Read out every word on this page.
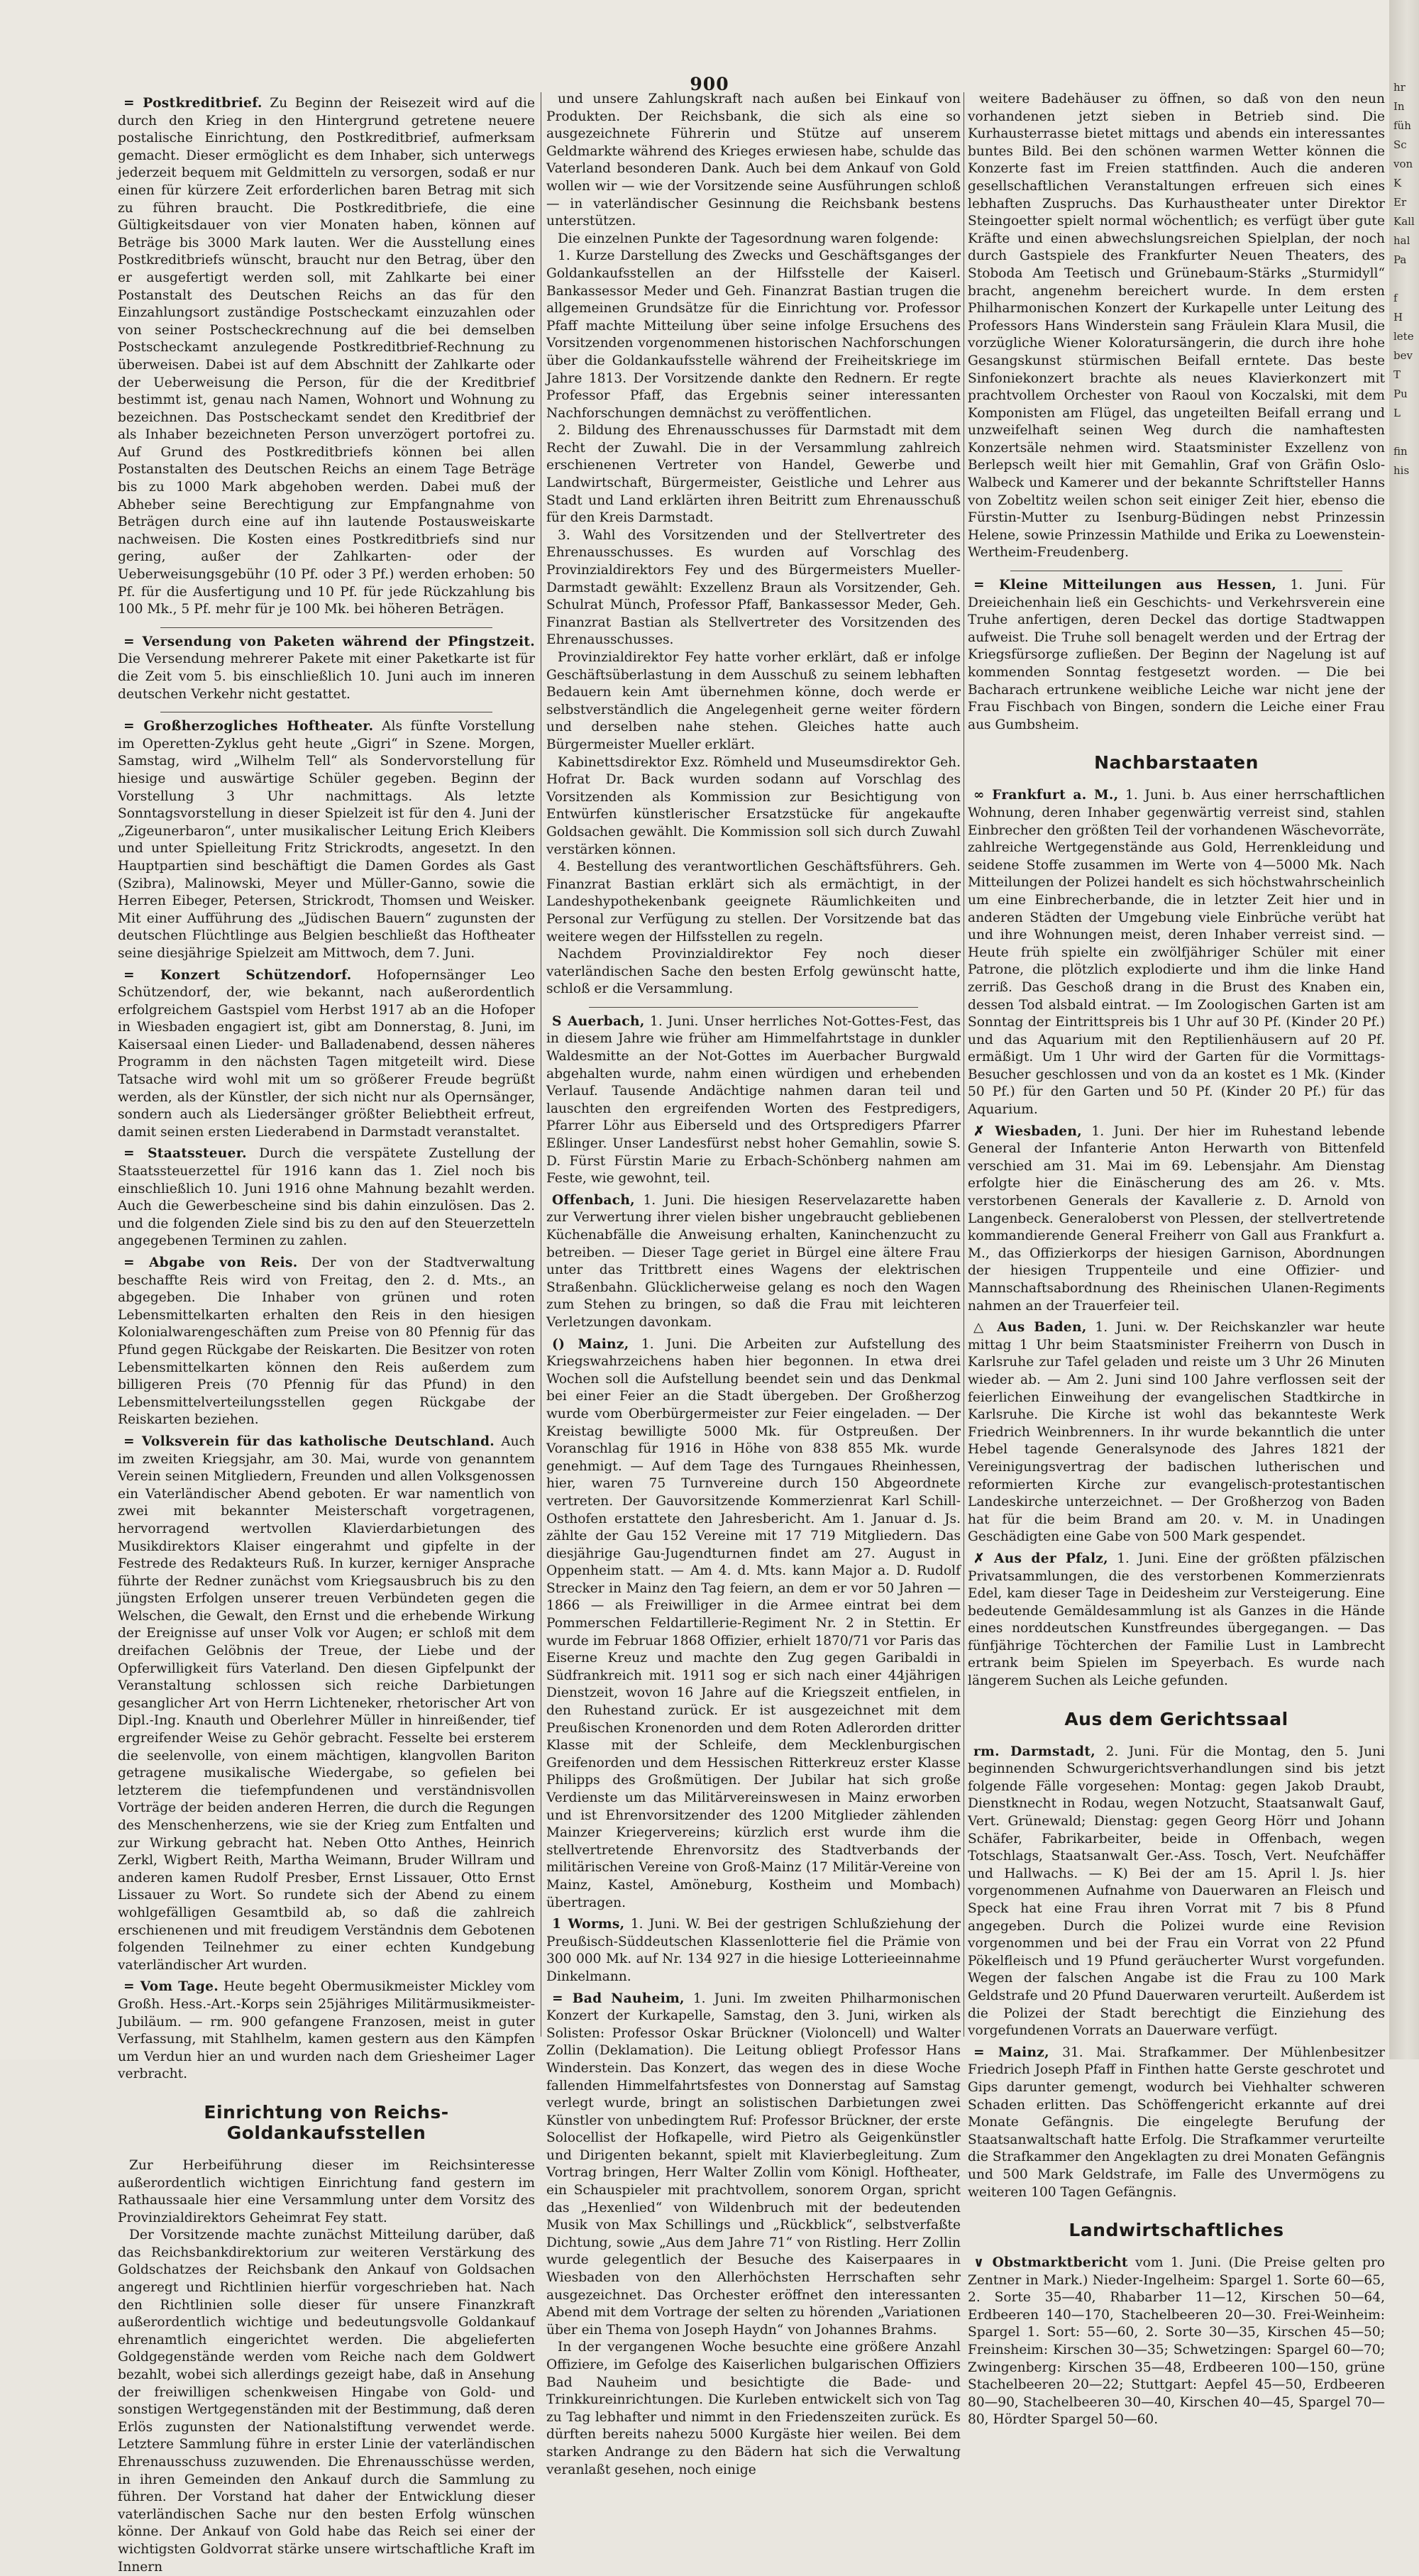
900

= Postkreditbrief. Zu Beginn der Reisezeit wird auf die durch den Krieg in den Hintergrund getretene neuere postalische Einrichtung, den Postkreditbrief, aufmerksam gemacht. Dieser ermöglicht es dem Inhaber, sich unterwegs jederzeit bequem mit Geldmitteln zu versorgen, sodaß er nur einen für kürzere Zeit erforderlichen baren Betrag mit sich zu führen braucht. Die Postkreditbriefe, die eine Gültigkeitsdauer von vier Monaten haben, können auf Beträge bis 3000 Mark lauten. Wer die Ausstellung eines Postkreditbriefs wünscht, braucht nur den Betrag, über den er ausgefertigt werden soll, mit Zahlkarte bei einer Postanstalt des Deutschen Reichs an das für den Einzahlungsort zuständige Postscheckamt einzuzahlen oder von seiner Postscheckrechnung auf die bei demselben Postscheckamt anzulegende Postkreditbrief-Rechnung zu überweisen. Dabei ist auf dem Abschnitt der Zahlkarte oder der Ueberweisung die Person, für die der Kreditbrief bestimmt ist, genau nach Namen, Wohnort und Wohnung zu bezeichnen. Das Postscheckamt sendet den Kreditbrief der als Inhaber bezeichneten Person unverzögert portofrei zu. Auf Grund des Postkreditbriefs können bei allen Postanstalten des Deutschen Reichs an einem Tage Beträge bis zu 1000 Mark abgehoben werden. Dabei muß der Abheber seine Berechtigung zur Empfangnahme von Beträgen durch eine auf ihn lautende Postausweiskarte nachweisen. Die Kosten eines Postkreditbriefs sind nur gering, außer der Zahlkarten- oder der Ueberweisungsgebühr (10 Pf. oder 3 Pf.) werden erhoben: 50 Pf. für die Ausfertigung und 10 Pf. für jede Rückzahlung bis 100 Mk., 5 Pf. mehr für je 100 Mk. bei höheren Beträgen.

= Versendung von Paketen während der Pfingstzeit. Die Versendung mehrerer Pakete mit einer Paketkarte ist für die Zeit vom 5. bis einschließlich 10. Juni auch im inneren deutschen Verkehr nicht gestattet.

= Großherzogliches Hoftheater. Als fünfte Vorstellung im Operetten-Zyklus geht heute „Gigri“ in Szene. Morgen, Samstag, wird „Wilhelm Tell“ als Sondervorstellung für hiesige und auswärtige Schüler gegeben. Beginn der Vorstellung 3 Uhr nachmittags. Als letzte Sonntagsvorstellung in dieser Spielzeit ist für den 4. Juni der „Zigeunerbaron“, unter musikalischer Leitung Erich Kleibers und unter Spielleitung Fritz Strickrodts, angesetzt. In den Hauptpartien sind beschäftigt die Damen Gordes als Gast (Szibra), Malinowski, Meyer und Müller-Ganno, sowie die Herren Eibeger, Petersen, Strickrodt, Thomsen und Weisker. Mit einer Aufführung des „Jüdischen Bauern“ zugunsten der deutschen Flüchtlinge aus Belgien beschließt das Hoftheater seine diesjährige Spielzeit am Mittwoch, dem 7. Juni.

= Konzert Schützendorf. Hofopernsänger Leo Schützendorf, der, wie bekannt, nach außerordentlich erfolgreichem Gastspiel vom Herbst 1917 ab an die Hofoper in Wiesbaden engagiert ist, gibt am Donnerstag, 8. Juni, im Kaisersaal einen Lieder- und Balladenabend, dessen näheres Programm in den nächsten Tagen mitgeteilt wird. Diese Tatsache wird wohl mit um so größerer Freude begrüßt werden, als der Künstler, der sich nicht nur als Opernsänger, sondern auch als Liedersänger größter Beliebtheit erfreut, damit seinen ersten Liederabend in Darmstadt veranstaltet.

= Staatssteuer. Durch die verspätete Zustellung der Staatssteuerzettel für 1916 kann das 1. Ziel noch bis einschließlich 10. Juni 1916 ohne Mahnung bezahlt werden. Auch die Gewerbescheine sind bis dahin einzulösen. Das 2. und die folgenden Ziele sind bis zu den auf den Steuerzetteln angegebenen Terminen zu zahlen.

= Abgabe von Reis. Der von der Stadtverwaltung beschaffte Reis wird von Freitag, den 2. d. Mts., an abgegeben. Die Inhaber von grünen und roten Lebensmittelkarten erhalten den Reis in den hiesigen Kolonialwarengeschäften zum Preise von 80 Pfennig für das Pfund gegen Rückgabe der Reiskarten. Die Besitzer von roten Lebensmittelkarten können den Reis außerdem zum billigeren Preis (70 Pfennig für das Pfund) in den Lebensmittelverteilungsstellen gegen Rückgabe der Reiskarten beziehen.

= Volksverein für das katholische Deutschland. Auch im zweiten Kriegsjahr, am 30. Mai, wurde von genanntem Verein seinen Mitgliedern, Freunden und allen Volksgenossen ein Vaterländischer Abend geboten. Er war namentlich von zwei mit bekannter Meisterschaft vorgetragenen, hervorragend wertvollen Klavierdarbietungen des Musikdirektors Klaiser eingerahmt und gipfelte in der Festrede des Redakteurs Ruß. In kurzer, kerniger Ansprache führte der Redner zunächst vom Kriegsausbruch bis zu den jüngsten Erfolgen unserer treuen Verbündeten gegen die Welschen, die Gewalt, den Ernst und die erhebende Wirkung der Ereignisse auf unser Volk vor Augen; er schloß mit dem dreifachen Gelöbnis der Treue, der Liebe und der Opferwilligkeit fürs Vaterland. Den diesen Gipfelpunkt der Veranstaltung schlossen sich reiche Darbietungen gesanglicher Art von Herrn Lichteneker, rhetorischer Art von Dipl.-Ing. Knauth und Oberlehrer Müller in hinreißender, tief ergreifender Weise zu Gehör gebracht. Fesselte bei ersterem die seelenvolle, von einem mächtigen, klangvollen Bariton getragene musikalische Wiedergabe, so gefielen bei letzterem die tiefempfundenen und verständnisvollen Vorträge der beiden anderen Herren, die durch die Regungen des Menschenherzens, wie sie der Krieg zum Entfalten und zur Wirkung gebracht hat. Neben Otto Anthes, Heinrich Zerkl, Wigbert Reith, Martha Weimann, Bruder Willram und anderen kamen Rudolf Presber, Ernst Lissauer, Otto Ernst Lissauer zu Wort. So rundete sich der Abend zu einem wohlgefälligen Gesamtbild ab, so daß die zahlreich erschienenen und mit freudigem Verständnis dem Gebotenen folgenden Teilnehmer zu einer echten Kundgebung vaterländischer Art wurden.

= Vom Tage. Heute begeht Obermusikmeister Mickley vom Großh. Hess.-Art.-Korps sein 25jähriges Militärmusikmeister-Jubiläum. — rm. 900 gefangene Franzosen, meist in guter Verfassung, mit Stahlhelm, kamen gestern aus den Kämpfen um Verdun hier an und wurden nach dem Griesheimer Lager verbracht.

Einrichtung von Reichs-Goldankaufsstellen

Zur Herbeiführung dieser im Reichsinteresse außerordentlich wichtigen Einrichtung fand gestern im Rathaussaale hier eine Versammlung unter dem Vorsitz des Provinzialdirektors Geheimrat Fey statt.

Der Vorsitzende machte zunächst Mitteilung darüber, daß das Reichsbankdirektorium zur weiteren Verstärkung des Goldschatzes der Reichsbank den Ankauf von Goldsachen angeregt und Richtlinien hierfür vorgeschrieben hat. Nach den Richtlinien solle dieser für unsere Finanzkraft außerordentlich wichtige und bedeutungsvolle Goldankauf ehrenamtlich eingerichtet werden. Die abgelieferten Goldgegenstände werden vom Reiche nach dem Goldwert bezahlt, wobei sich allerdings gezeigt habe, daß in Ansehung der freiwilligen schenkweisen Hingabe von Gold- und sonstigen Wertgegenständen mit der Bestimmung, daß deren Erlös zugunsten der Nationalstiftung verwendet werde. Letztere Sammlung führe in erster Linie der vaterländischen Ehrenausschuss zuzuwenden. Die Ehrenausschüsse werden, in ihren Gemeinden den Ankauf durch die Sammlung zu führen. Der Vorstand hat daher der Entwicklung dieser vaterländischen Sache nur den besten Erfolg wünschen könne. Der Ankauf von Gold habe das Reich sei einer der wichtigsten Goldvorrat stärke unsere wirtschaftliche Kraft im Innern

und unsere Zahlungskraft nach außen bei Einkauf von Produkten. Der Reichsbank, die sich als eine so ausgezeichnete Führerin und Stütze auf unserem Geldmarkte während des Krieges erwiesen habe, schulde das Vaterland besonderen Dank. Auch bei dem Ankauf von Gold wollen wir — wie der Vorsitzende seine Ausführungen schloß — in vaterländischer Gesinnung die Reichsbank bestens unterstützen.

Die einzelnen Punkte der Tagesordnung waren folgende:

1. Kurze Darstellung des Zwecks und Geschäftsganges der Goldankaufsstellen an der Hilfsstelle der Kaiserl. Bankassessor Meder und Geh. Finanzrat Bastian trugen die allgemeinen Grundsätze für die Einrichtung vor. Professor Pfaff machte Mitteilung über seine infolge Ersuchens des Vorsitzenden vorgenommenen historischen Nachforschungen über die Goldankaufsstelle während der Freiheitskriege im Jahre 1813. Der Vorsitzende dankte den Rednern. Er regte Professor Pfaff, das Ergebnis seiner interessanten Nachforschungen demnächst zu veröffentlichen.

2. Bildung des Ehrenausschusses für Darmstadt mit dem Recht der Zuwahl. Die in der Versammlung zahlreich erschienenen Vertreter von Handel, Gewerbe und Landwirtschaft, Bürgermeister, Geistliche und Lehrer aus Stadt und Land erklärten ihren Beitritt zum Ehrenausschuß für den Kreis Darmstadt.

3. Wahl des Vorsitzenden und der Stellvertreter des Ehrenausschusses. Es wurden auf Vorschlag des Provinzialdirektors Fey und des Bürgermeisters Mueller-Darmstadt gewählt: Exzellenz Braun als Vorsitzender, Geh. Schulrat Münch, Professor Pfaff, Bankassessor Meder, Geh. Finanzrat Bastian als Stellvertreter des Vorsitzenden des Ehrenausschusses.

Provinzialdirektor Fey hatte vorher erklärt, daß er infolge Geschäftsüberlastung in dem Ausschuß zu seinem lebhaften Bedauern kein Amt übernehmen könne, doch werde er selbstverständlich die Angelegenheit gerne weiter fördern und derselben nahe stehen. Gleiches hatte auch Bürgermeister Mueller erklärt.

Kabinettsdirektor Exz. Römheld und Museumsdirektor Geh. Hofrat Dr. Back wurden sodann auf Vorschlag des Vorsitzenden als Kommission zur Besichtigung von Entwürfen künstlerischer Ersatzstücke für angekaufte Goldsachen gewählt. Die Kommission soll sich durch Zuwahl verstärken können.

4. Bestellung des verantwortlichen Geschäftsführers. Geh. Finanzrat Bastian erklärt sich als ermächtigt, in der Landeshypothekenbank geeignete Räumlichkeiten und Personal zur Verfügung zu stellen. Der Vorsitzende bat das weitere wegen der Hilfsstellen zu regeln.

Nachdem Provinzialdirektor Fey noch dieser vaterländischen Sache den besten Erfolg gewünscht hatte, schloß er die Versammlung.

S Auerbach, 1. Juni. Unser herrliches Not-Gottes-Fest, das in diesem Jahre wie früher am Himmelfahrtstage in dunkler Waldesmitte an der Not-Gottes im Auerbacher Burgwald abgehalten wurde, nahm einen würdigen und erhebenden Verlauf. Tausende Andächtige nahmen daran teil und lauschten den ergreifenden Worten des Festpredigers, Pfarrer Löhr aus Eiberseld und des Ortspredigers Pfarrer Eßlinger. Unser Landesfürst nebst hoher Gemahlin, sowie S. D. Fürst Fürstin Marie zu Erbach-Schönberg nahmen am Feste, wie gewohnt, teil.

Offenbach, 1. Juni. Die hiesigen Reservelazarette haben zur Verwertung ihrer vielen bisher ungebraucht gebliebenen Küchenabfälle die Anweisung erhalten, Kaninchenzucht zu betreiben. — Dieser Tage geriet in Bürgel eine ältere Frau unter das Trittbrett eines Wagens der elektrischen Straßenbahn. Glücklicherweise gelang es noch den Wagen zum Stehen zu bringen, so daß die Frau mit leichteren Verletzungen davonkam.

() Mainz, 1. Juni. Die Arbeiten zur Aufstellung des Kriegswahrzeichens haben hier begonnen. In etwa drei Wochen soll die Aufstellung beendet sein und das Denkmal bei einer Feier an die Stadt übergeben. Der Großherzog wurde vom Oberbürgermeister zur Feier eingeladen. — Der Kreistag bewilligte 5000 Mk. für Ostpreußen. Der Voranschlag für 1916 in Höhe von 838 855 Mk. wurde genehmigt. — Auf dem Tage des Turngaues Rheinhessen, hier, waren 75 Turnvereine durch 150 Abgeordnete vertreten. Der Gauvorsitzende Kommerzienrat Karl Schill-Osthofen erstattete den Jahresbericht. Am 1. Januar d. Js. zählte der Gau 152 Vereine mit 17 719 Mitgliedern. Das diesjährige Gau-Jugendturnen findet am 27. August in Oppenheim statt. — Am 4. d. Mts. kann Major a. D. Rudolf Strecker in Mainz den Tag feiern, an dem er vor 50 Jahren — 1866 — als Freiwilliger in die Armee eintrat bei dem Pommerschen Feldartillerie-Regiment Nr. 2 in Stettin. Er wurde im Februar 1868 Offizier, erhielt 1870/71 vor Paris das Eiserne Kreuz und machte den Zug gegen Garibaldi in Südfrankreich mit. 1911 sog er sich nach einer 44jährigen Dienstzeit, wovon 16 Jahre auf die Kriegszeit entfielen, in den Ruhestand zurück. Er ist ausgezeichnet mit dem Preußischen Kronenorden und dem Roten Adlerorden dritter Klasse mit der Schleife, dem Mecklenburgischen Greifenorden und dem Hessischen Ritterkreuz erster Klasse Philipps des Großmütigen. Der Jubilar hat sich große Verdienste um das Militärvereinswesen in Mainz erworben und ist Ehrenvorsitzender des 1200 Mitglieder zählenden Mainzer Kriegervereins; kürzlich erst wurde ihm die stellvertretende Ehrenvorsitz des Stadtverbands der militärischen Vereine von Groß-Mainz (17 Militär-Vereine von Mainz, Kastel, Amöneburg, Kostheim und Mombach) übertragen.

1 Worms, 1. Juni. W. Bei der gestrigen Schlußziehung der Preußisch-Süddeutschen Klassenlotterie fiel die Prämie von 300 000 Mk. auf Nr. 134 927 in die hiesige Lotterieeinnahme Dinkelmann.

= Bad Nauheim, 1. Juni. Im zweiten Philharmonischen Konzert der Kurkapelle, Samstag, den 3. Juni, wirken als Solisten: Professor Oskar Brückner (Violoncell) und Walter Zollin (Deklamation). Die Leitung obliegt Professor Hans Winderstein. Das Konzert, das wegen des in diese Woche fallenden Himmelfahrtsfestes von Donnerstag auf Samstag verlegt wurde, bringt an solistischen Darbietungen zwei Künstler von unbedingtem Ruf: Professor Brückner, der erste Solocellist der Hofkapelle, wird Pietro als Geigenkünstler und Dirigenten bekannt, spielt mit Klavierbegleitung. Zum Vortrag bringen, Herr Walter Zollin vom Königl. Hoftheater, ein Schauspieler mit prachtvollem, sonorem Organ, spricht das „Hexenlied“ von Wildenbruch mit der bedeutenden Musik von Max Schillings und „Rückblick“, selbstverfaßte Dichtung, sowie „Aus dem Jahre 71“ von Ristling. Herr Zollin wurde gelegentlich der Besuche des Kaiserpaares in Wiesbaden von den Allerhöchsten Herrschaften sehr ausgezeichnet. Das Orchester eröffnet den interessanten Abend mit dem Vortrage der selten zu hörenden „Variationen über ein Thema von Joseph Haydn“ von Johannes Brahms.

In der vergangenen Woche besuchte eine größere Anzahl Offiziere, im Gefolge des Kaiserlichen bulgarischen Offiziers Bad Nauheim und besichtigte die Bade- und Trinkkureinrichtungen. Die Kurleben entwickelt sich von Tag zu Tag lebhafter und nimmt in den Friedenszeiten zurück. Es dürften bereits nahezu 5000 Kurgäste hier weilen. Bei dem starken Andrange zu den Bädern hat sich die Verwaltung veranlaßt gesehen, noch einige

weitere Badehäuser zu öffnen, so daß von den neun vorhandenen jetzt sieben in Betrieb sind. Die Kurhausterrasse bietet mittags und abends ein interessantes buntes Bild. Bei den schönen warmen Wetter können die Konzerte fast im Freien stattfinden. Auch die anderen gesellschaftlichen Veranstaltungen erfreuen sich eines lebhaften Zuspruchs. Das Kurhaustheater unter Direktor Steingoetter spielt normal wöchentlich; es verfügt über gute Kräfte und einen abwechslungsreichen Spielplan, der noch durch Gastspiele des Frankfurter Neuen Theaters, des Stoboda Am Teetisch und Grünebaum-Stärks „Sturmidyll“ bracht, angenehm bereichert wurde. In dem ersten Philharmonischen Konzert der Kurkapelle unter Leitung des Professors Hans Winderstein sang Fräulein Klara Musil, die vorzügliche Wiener Koloratursängerin, die durch ihre hohe Gesangskunst stürmischen Beifall erntete. Das beste Sinfoniekonzert brachte als neues Klavierkonzert mit prachtvollem Orchester von Raoul von Koczalski, mit dem Komponisten am Flügel, das ungeteilten Beifall errang und unzweifelhaft seinen Weg durch die namhaftesten Konzertsäle nehmen wird. Staatsminister Exzellenz von Berlepsch weilt hier mit Gemahlin, Graf von Gräfin Oslo-Walbeck und Kamerer und der bekannte Schriftsteller Hanns von Zobeltitz weilen schon seit einiger Zeit hier, ebenso die Fürstin-Mutter zu Isenburg-Büdingen nebst Prinzessin Helene, sowie Prinzessin Mathilde und Erika zu Loewenstein-Wertheim-Freudenberg.

= Kleine Mitteilungen aus Hessen, 1. Juni. Für Dreieichenhain ließ ein Geschichts- und Verkehrsverein eine Truhe anfertigen, deren Deckel das dortige Stadtwappen aufweist. Die Truhe soll benagelt werden und der Ertrag der Kriegsfürsorge zufließen. Der Beginn der Nagelung ist auf kommenden Sonntag festgesetzt worden. — Die bei Bacharach ertrunkene weibliche Leiche war nicht jene der Frau Fischbach von Bingen, sondern die Leiche einer Frau aus Gumbsheim.

Nachbarstaaten

∞ Frankfurt a. M., 1. Juni. b. Aus einer herrschaftlichen Wohnung, deren Inhaber gegenwärtig verreist sind, stahlen Einbrecher den größten Teil der vorhandenen Wäschevorräte, zahlreiche Wertgegenstände aus Gold, Herrenkleidung und seidene Stoffe zusammen im Werte von 4—5000 Mk. Nach Mitteilungen der Polizei handelt es sich höchstwahrscheinlich um eine Einbrecherbande, die in letzter Zeit hier und in anderen Städten der Umgebung viele Einbrüche verübt hat und ihre Wohnungen meist, deren Inhaber verreist sind. — Heute früh spielte ein zwölfjähriger Schüler mit einer Patrone, die plötzlich explodierte und ihm die linke Hand zerriß. Das Geschoß drang in die Brust des Knaben ein, dessen Tod alsbald eintrat. — Im Zoologischen Garten ist am Sonntag der Eintrittspreis bis 1 Uhr auf 30 Pf. (Kinder 20 Pf.) und das Aquarium mit den Reptilienhäusern auf 20 Pf. ermäßigt. Um 1 Uhr wird der Garten für die Vormittags-Besucher geschlossen und von da an kostet es 1 Mk. (Kinder 50 Pf.) für den Garten und 50 Pf. (Kinder 20 Pf.) für das Aquarium.

✗ Wiesbaden, 1. Juni. Der hier im Ruhestand lebende General der Infanterie Anton Herwarth von Bittenfeld verschied am 31. Mai im 69. Lebensjahr. Am Dienstag erfolgte hier die Einäscherung des am 26. v. Mts. verstorbenen Generals der Kavallerie z. D. Arnold von Langenbeck. Generaloberst von Plessen, der stellvertretende kommandierende General Freiherr von Gall aus Frankfurt a. M., das Offizierkorps der hiesigen Garnison, Abordnungen der hiesigen Truppenteile und eine Offizier- und Mannschaftsabordnung des Rheinischen Ulanen-Regiments nahmen an der Trauerfeier teil.

△ Aus Baden, 1. Juni. w. Der Reichskanzler war heute mittag 1 Uhr beim Staatsminister Freiherrn von Dusch in Karlsruhe zur Tafel geladen und reiste um 3 Uhr 26 Minuten wieder ab. — Am 2. Juni sind 100 Jahre verflossen seit der feierlichen Einweihung der evangelischen Stadtkirche in Karlsruhe. Die Kirche ist wohl das bekannteste Werk Friedrich Weinbrenners. In ihr wurde bekanntlich die unter Hebel tagende Generalsynode des Jahres 1821 der Vereinigungsvertrag der badischen lutherischen und reformierten Kirche zur evangelisch-protestantischen Landeskirche unterzeichnet. — Der Großherzog von Baden hat für die beim Brand am 20. v. M. in Unadingen Geschädigten eine Gabe von 500 Mark gespendet.

✗ Aus der Pfalz, 1. Juni. Eine der größten pfälzischen Privatsammlungen, die des verstorbenen Kommerzienrats Edel, kam dieser Tage in Deidesheim zur Versteigerung. Eine bedeutende Gemäldesammlung ist als Ganzes in die Hände eines norddeutschen Kunstfreundes übergegangen. — Das fünfjährige Töchterchen der Familie Lust in Lambrecht ertrank beim Spielen im Speyerbach. Es wurde nach längerem Suchen als Leiche gefunden.

Aus dem Gerichtssaal

rm. Darmstadt, 2. Juni. Für die Montag, den 5. Juni beginnenden Schwurgerichtsverhandlungen sind bis jetzt folgende Fälle vorgesehen: Montag: gegen Jakob Draubt, Dienstknecht in Rodau, wegen Notzucht, Staatsanwalt Gauf, Vert. Grünewald; Dienstag: gegen Georg Hörr und Johann Schäfer, Fabrikarbeiter, beide in Offenbach, wegen Totschlags, Staatsanwalt Ger.-Ass. Tosch, Vert. Neufchäffer und Hallwachs. — K) Bei der am 15. April l. Js. hier vorgenommenen Aufnahme von Dauerwaren an Fleisch und Speck hat eine Frau ihren Vorrat mit 7 bis 8 Pfund angegeben. Durch die Polizei wurde eine Revision vorgenommen und bei der Frau ein Vorrat von 22 Pfund Pökelfleisch und 19 Pfund geräucherter Wurst vorgefunden. Wegen der falschen Angabe ist die Frau zu 100 Mark Geldstrafe und 20 Pfund Dauerwaren verurteilt. Außerdem ist die Polizei der Stadt berechtigt die Einziehung des vorgefundenen Vorrats an Dauerware verfügt.

= Mainz, 31. Mai. Strafkammer. Der Mühlenbesitzer Friedrich Joseph Pfaff in Finthen hatte Gerste geschrotet und Gips darunter gemengt, wodurch bei Viehhalter schweren Schaden erlitten. Das Schöffengericht erkannte auf drei Monate Gefängnis. Die eingelegte Berufung der Staatsanwaltschaft hatte Erfolg. Die Strafkammer verurteilte die Strafkammer den Angeklagten zu drei Monaten Gefängnis und 500 Mark Geldstrafe, im Falle des Unvermögens zu weiteren 100 Tagen Gefängnis.

Landwirtschaftliches

∨ Obstmarktbericht vom 1. Juni. (Die Preise gelten pro Zentner in Mark.) Nieder-Ingelheim: Spargel 1. Sorte 60—65, 2. Sorte 35—40, Rhabarber 11—12, Kirschen 50—64, Erdbeeren 140—170, Stachelbeeren 20—30. Frei-Weinheim: Spargel 1. Sort: 55—60, 2. Sorte 30—35, Kirschen 45—50; Freinsheim: Kirschen 30—35; Schwetzingen: Spargel 60—70; Zwingenberg: Kirschen 35—48, Erdbeeren 100—150, grüne Stachelbeeren 20—22; Stuttgart: Aepfel 45—50, Erdbeeren 80—90, Stachelbeeren 30—40, Kirschen 40—45, Spargel 70—80, Hördter Spargel 50—60.

hr
In
füh
Sc
von
K
Er
Kall
hal
Pa

f
H
lete
bev
T
Pu
L

fin
his
